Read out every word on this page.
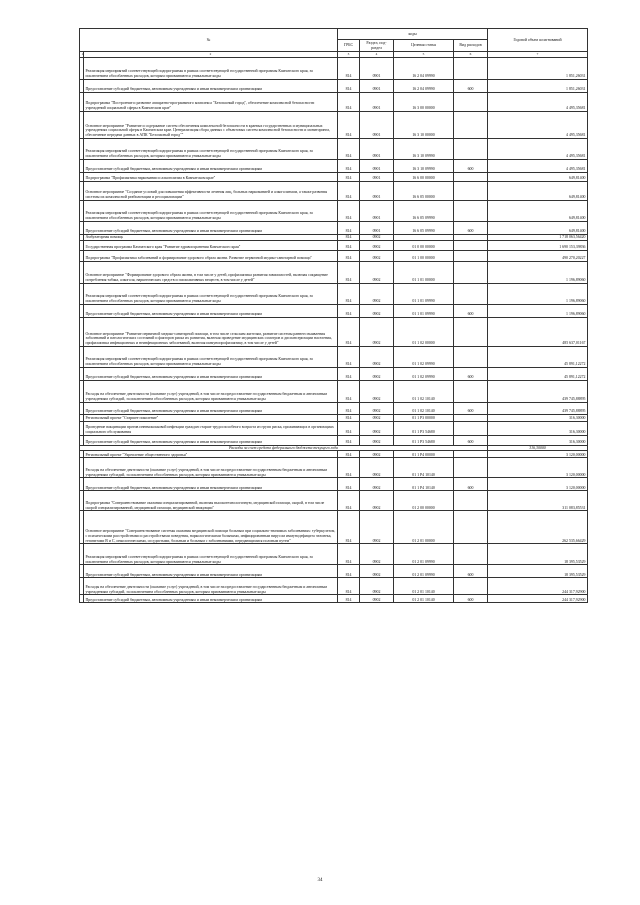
№		коды				Годовой объем ассигнований
		ГРБС	Раздел, под-раздел	Целевая статья	Вид расходов	
1	2	3	4	5	6	7
	Реализация мероприятий соответствующей подпрограммы в рамках соответствующей государственной программы Камчатского края, за исключением обособленных расходов, которым присваиваются уникальные коды	814	0901	16 2 04 09990		1 851,26031
	Предоставление субсидий бюджетным, автономным учреждениям и иным некоммерческим организациям	814	0901	16 2 04 09990	600	1 851,26031
	Подпрограмма "Построение и развитие аппаратно-программного комплекса "Безопасный город", обеспечение комплексной безопасности учреждений социальной сферы в Камчатском крае"	814	0901	16 3 00 00000		4 495,35681
	Основное мероприятие "Развитие и содержание систем обеспечения комплексной безопасности в краевых государственных и муниципальных учреждениях социальной сферы в Камчатском крае. Централизация сбора данных с объектовых систем комплексной безопасности и мониторинга, обеспечение передачи данных в АПК "Безопасный город""	814	0901	16 3 10 00000		4 495,35681
	Реализация мероприятий соответствующей подпрограммы в рамках соответствующей государственной программы Камчатского края, за исключением обособленных расходов, которым присваиваются уникальные коды	814	0901	16 3 10 09990		4 495,35681
	Предоставление субсидий бюджетным, автономным учреждениям и иным некоммерческим организациям	814	0901	16 3 10 09990	600	4 495,35681
	Подпрограмма "Профилактика наркомании и алкоголизма в Камчатском крае"	814	0901	16 6 00 00000		649,81400
	Основное мероприятие "Создание условий для повышения эффективности лечения лиц, больных наркоманией и алкоголизмом, а также развития системы их комплексной реабилитации и ресоциализации"	814	0901	16 6 05 00000		649,81400
	Реализация мероприятий соответствующей подпрограммы в рамках соответствующей государственной программы Камчатского края, за исключением обособленных расходов, которым присваиваются уникальные коды	814	0901	16 6 05 09990		649,81400
	Предоставление субсидий бюджетным, автономным учреждениям и иным некоммерческим организациям	814	0901	16 6 05 09990	600	649,81400
	Амбулаторная помощь	814	0902			1 718 063,56420
	Государственная программа Камчатского края "Развитие здравоохранения Камчатского края"	814	0902	01 0 00 00000		1 690 153,39836
	Подпрограмма "Профилактика заболеваний и формирование здорового образа жизни. Развитие первичной медико-санитарной помощи"	814	0902	01 1 00 00000		490 270,20227
	Основное мероприятие "Формирование здорового образа жизни, в том числе у детей, профилактика развития зависимостей, включая сокращение потребления табака, алкоголя, наркотических средств и психоактивных веществ, в том числе у детей"	814	0902	01 1 01 00000		1 196,89060
	Реализация мероприятий соответствующей подпрограммы в рамках соответствующей государственной программы Камчатского края, за исключением обособленных расходов, которым присваиваются уникальные коды	814	0902	01 1 01 09990		1 196,89060
	Предоставление субсидий бюджетным, автономным учреждениям и иным некоммерческим организациям	814	0902	01 1 01 09990	600	1 196,89060
	Основное мероприятие "Развитие первичной медико-санитарной помощи, в том числе сельским жителям, развитие системы раннего выявления заболеваний и патологических состояний и факторов риска их развития, включая проведение медицинских осмотров и диспансеризации населения, профилактика инфекционных и неинфекционных заболеваний, включая иммунопрофилактику, в том числе у детей"	814	0902	01 1 02 00000		485 637,01167
	Реализация мероприятий соответствующей подпрограммы в рамках соответствующей государственной программы Камчатского края, за исключением обособленных расходов, которым присваиваются уникальные коды	814	0902	01 1 02 09990		45 891,12272
	Предоставление субсидий бюджетным, автономным учреждениям и иным некоммерческим организациям	814	0902	01 1 02 09990	600	45 891,12272
	Расходы на обеспечение деятельности (оказание услуг) учреждений, в том числе на предоставление государственным бюджетным и автономным учреждениям субсидий, за исключением обособленных расходов, которым присваиваются уникальные коды	814	0902	01 1 02 10140		439 745,88895
	Предоставление субсидий бюджетным, автономным учреждениям и иным некоммерческим организациям	814	0902	01 1 02 10140	600	439 745,88895
	Региональный проект "Старшее поколение"	814	0902	01 1 P3 00000		316,30000
	Проведение вакцинации против пневмококковой инфекции граждан старше трудоспособного возраста из групп риска, проживающих в организациях социального обслуживания	814	0902	01 1 P3 54680		316,30000
	Предоставление субсидий бюджетным, автономным учреждениям и иным некоммерческим организациям	814	0902	01 1 P3 54680	600	316,30000
Расходы за счет средств федерального бюджета текущего года						316,30000
	Региональный проект "Укрепление общественного здоровья"	814	0902	01 1 P4 00000		3 120,00000
	Расходы на обеспечение деятельности (оказание услуг) учреждений, в том числе на предоставление государственным бюджетным и автономным учреждениям субсидий, за исключением обособленных расходов, которым присваиваются уникальные коды	814	0902	01 1 P4 10140		3 120,00000
	Предоставление субсидий бюджетным, автономным учреждениям и иным некоммерческим организациям	814	0902	01 1 P4 10140	600	3 120,00000
	Подпрограмма "Совершенствование оказания специализированной, включая высокотехнологичную, медицинской помощи, скорой, в том числе скорой специализированной, медицинской помощи, медицинской эвакуации"	814	0902	01 2 00 00000		311 083,85531
	Основное мероприятие "Совершенствование системы оказания медицинской помощи больным при социально-значимых заболеваниях: туберкулезом, с психическими расстройствами и расстройствами поведения, наркологическими больными, инфицированным вирусом иммунодефицита человека, гепатитами В и С, онкологическими, сосудистыми, больным и больным с заболеваниями, передающимися половым путем"	814	0902	01 2 01 00000		262 535,66429
	Реализация мероприятий соответствующей подпрограммы в рамках соответствующей государственной программы Камчатского края, за исключением обособленных расходов, которым присваиваются уникальные коды	814	0902	01 2 01 09990		18 395,53529
	Предоставление субсидий бюджетным, автономным учреждениям и иным некоммерческим организациям	814	0902	01 2 01 09990	600	18 395,53529
	Расходы на обеспечение деятельности (оказание услуг) учреждений, в том числе на предоставление государственным бюджетным и автономным учреждениям субсидий, за исключением обособленных расходов, которым присваиваются уникальные коды	814	0902	01 2 01 10140		244 317,92900
	Предоставление субсидий бюджетным, автономным учреждениям и иным некоммерческим организациям	814	0902	01 2 01 10140	600	244 317,92900
34
